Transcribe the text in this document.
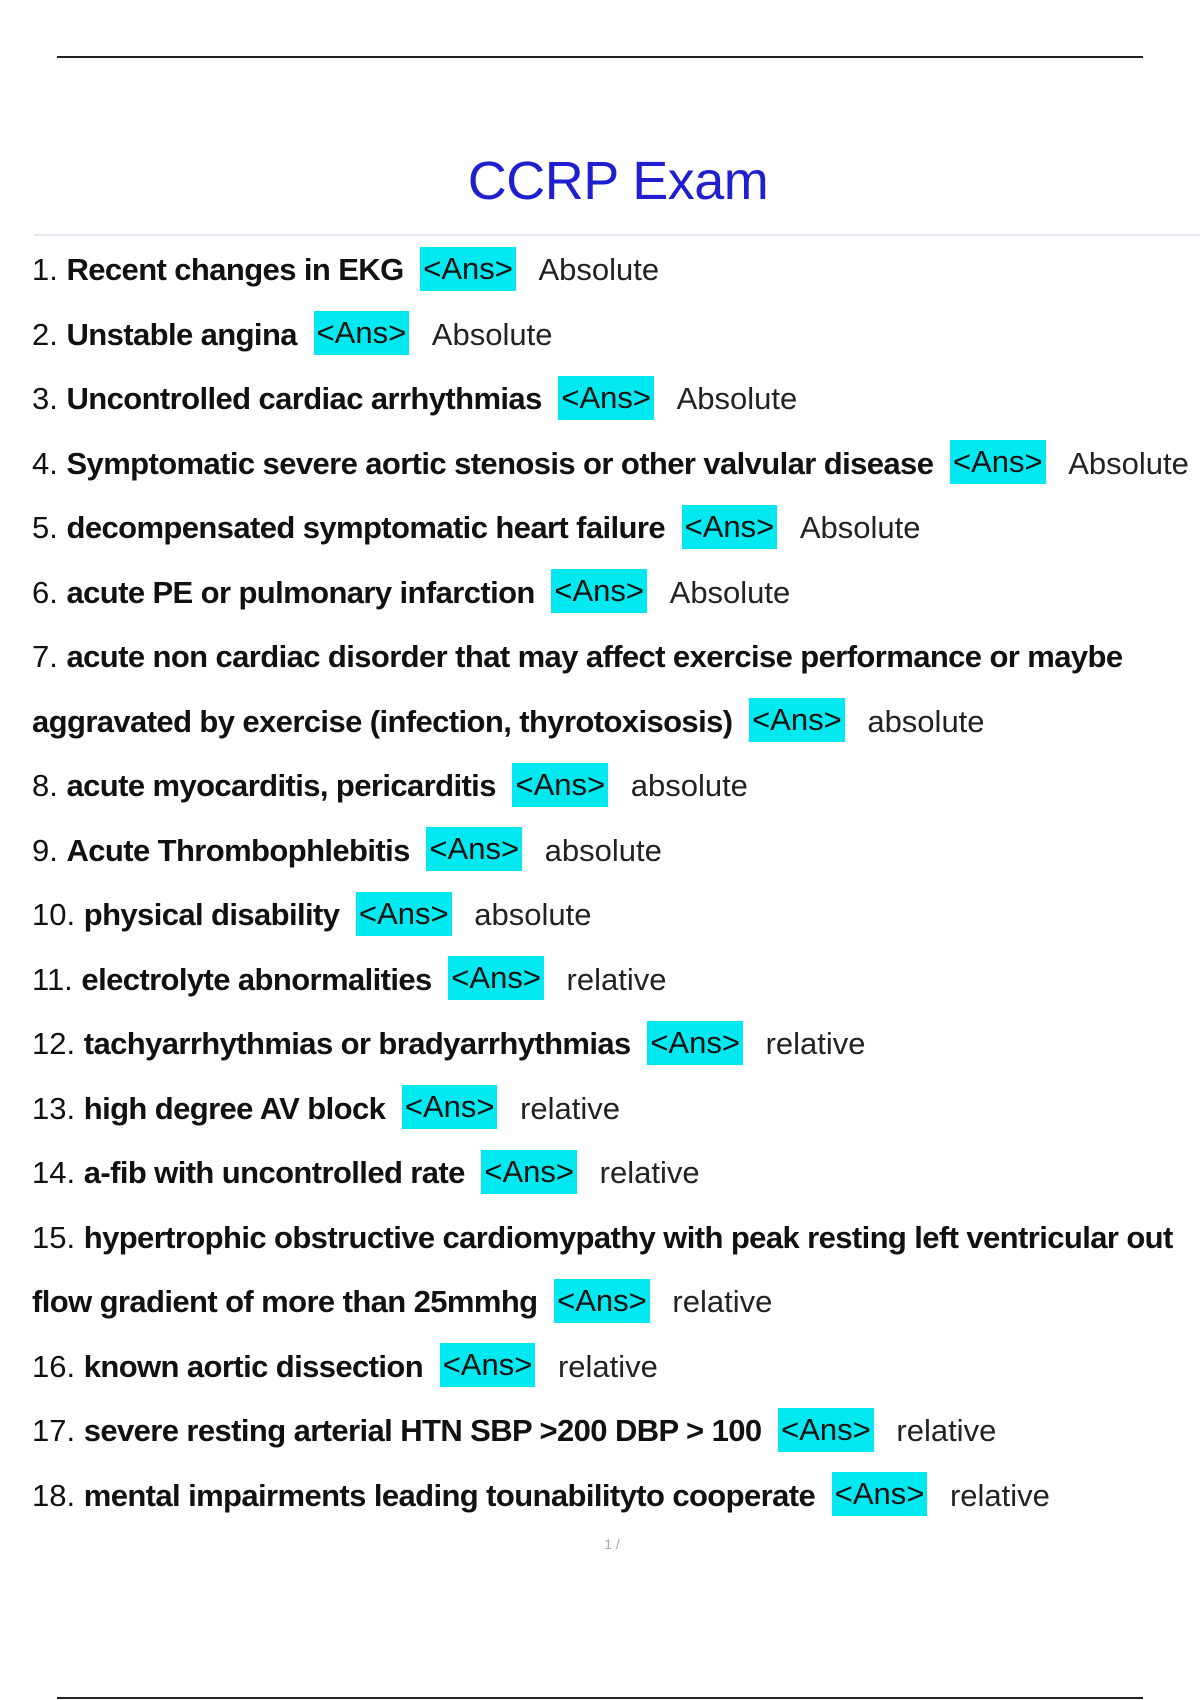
CCRP Exam
1. Recent changes in EKG <Ans> Absolute
2. Unstable angina <Ans> Absolute
3. Uncontrolled cardiac arrhythmias <Ans> Absolute
4. Symptomatic severe aortic stenosis or other valvular disease <Ans> Absolute
5. decompensated symptomatic heart failure <Ans> Absolute
6. acute PE or pulmonary infarction <Ans> Absolute
7. acute non cardiac disorder that may affect exercise performance or maybe
aggravated by exercise (infection, thyrotoxisosis) <Ans> absolute
8. acute myocarditis, pericarditis <Ans> absolute
9. Acute Thrombophlebitis <Ans> absolute
10. physical disability <Ans> absolute
11. electrolyte abnormalities <Ans> relative
12. tachyarrhythmias or bradyarrhythmias <Ans> relative
13. high degree AV block <Ans> relative
14. a-fib with uncontrolled rate <Ans> relative
15. hypertrophic obstructive cardiomypathy with peak resting left ventricular out
flow gradient of more than 25mmhg <Ans> relative
16. known aortic dissection <Ans> relative
17. severe resting arterial HTN SBP >200 DBP > 100 <Ans> relative
18. mental impairments leading tounabilityto cooperate <Ans> relative
1 /
